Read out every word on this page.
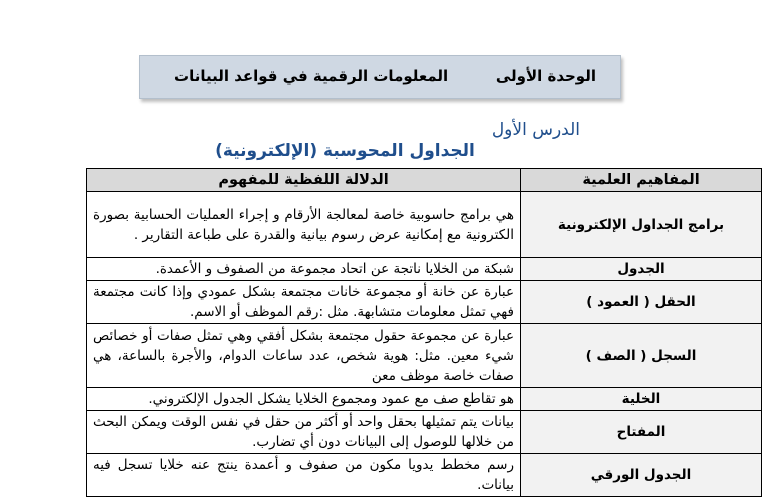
الوحدة الأولى
المعلومات الرقمية في قواعد البيانات
الدرس الأول
الجداول المحوسبة (الإلكترونية)
المفاهيم العلمية	الدلالة اللفظية للمفهوم
برامج الجداول الإلكترونية	هي برامج حاسوبية خاصة لمعالجة الأرقام و إجراء العمليات الحسابية بصورة الكترونية مع إمكانية عرض رسوم بيانية والقدرة على طباعة التقارير .
الجدول	شبكة من الخلايا ناتجة عن اتحاد مجموعة من الصفوف و الأعمدة.
الحقل ( العمود )	عبارة عن خانة أو مجموعة خانات مجتمعة بشكل عمودي وإذا كانت مجتمعة فهي تمثل معلومات متشابهة. مثل :رقم الموظف أو الاسم.
السجل ( الصف )	عبارة عن مجموعة حقول مجتمعة بشكل أفقي وهي تمثل صفات أو خصائص شيء معين. مثل: هوية شخص، عدد ساعات الدوام، والأجرة بالساعة، هي صفات خاصة موظف معن
الخلية	هو تقاطع صف مع عمود ومجموع الخلايا يشكل الجدول الإلكتروني.
المفتاح	بيانات يتم تمثيلها بحقل واحد أو أكثر من حقل في نفس الوقت ويمكن البحث من خلالها للوصول إلى البيانات دون أي تضارب.
الجدول الورقي	رسم مخطط يدويا مكون من صفوف و أعمدة ينتج عنه خلايا تسجل فيه بيانات.
